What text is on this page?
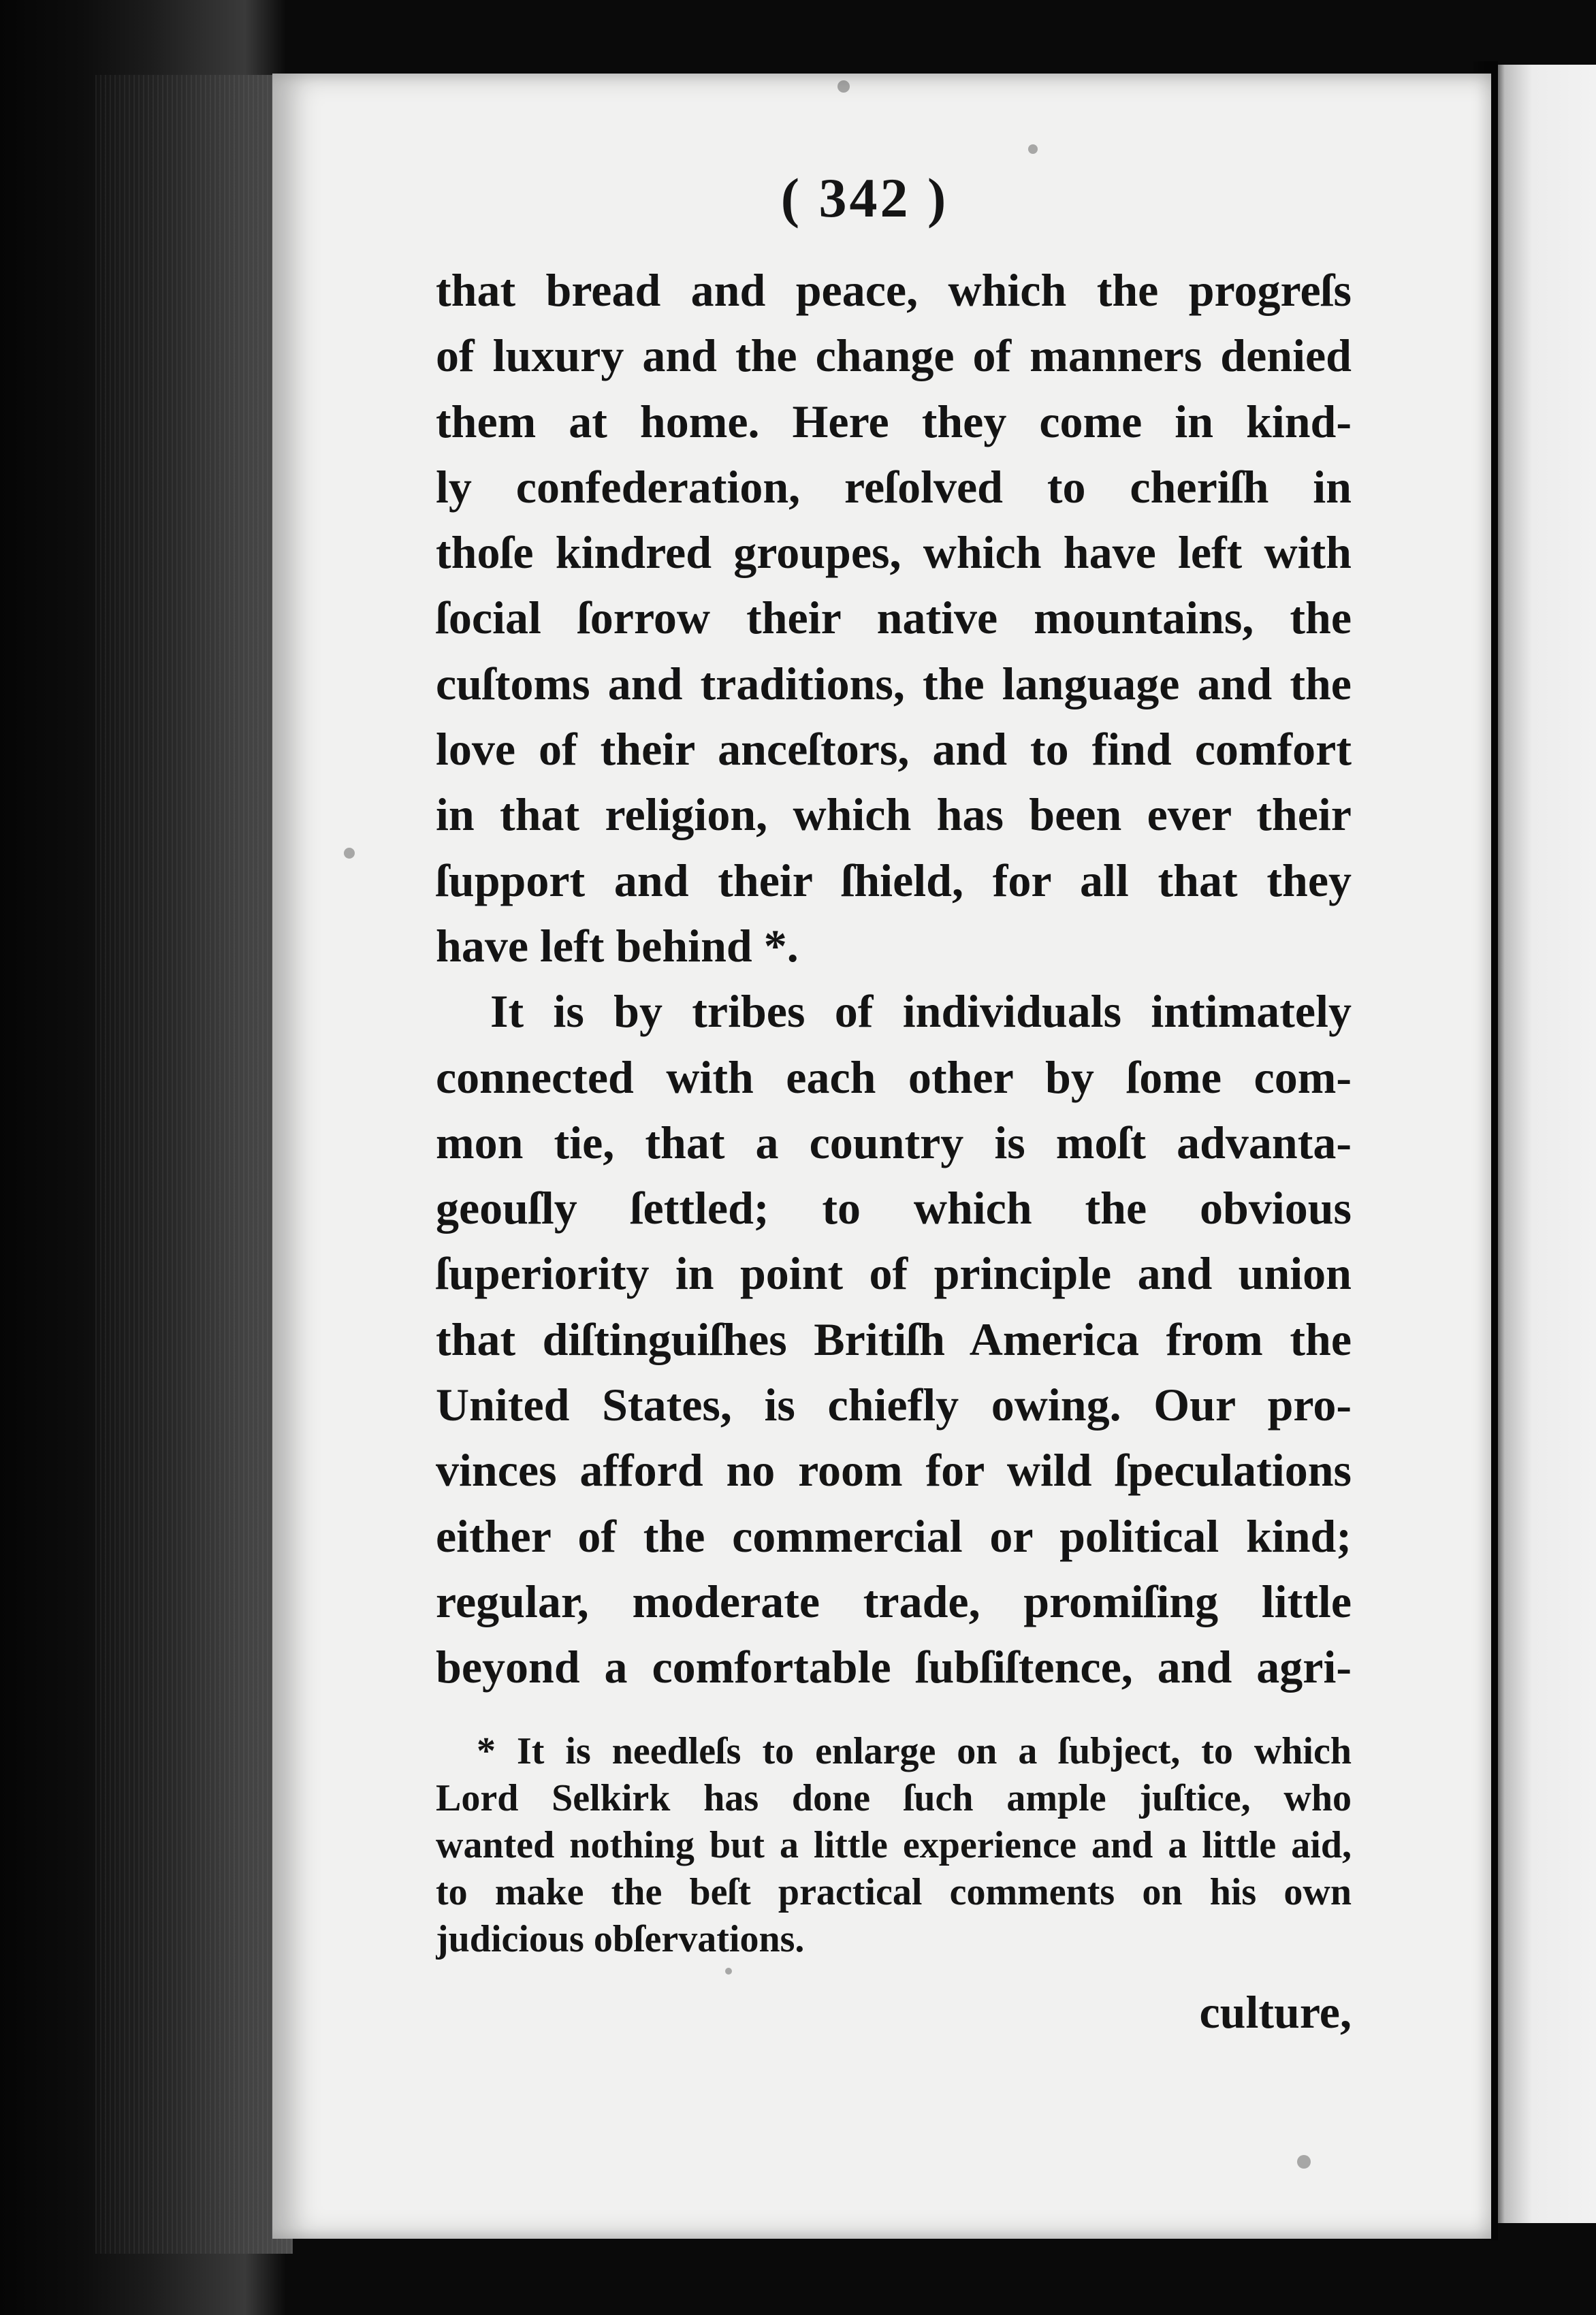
( 342 )
that bread and peace, which the progreſs
of luxury and the change of manners denied
them at home. Here they come in kind-
ly confederation, reſolved to cheriſh in
thoſe kindred groupes, which have left with
ſocial ſorrow their native mountains, the
cuſtoms and traditions, the language and the
love of their anceſtors, and to find comfort
in that religion, which has been ever their
ſupport and their ſhield, for all that they
have left behind *.
It is by tribes of individuals intimately
connected with each other by ſome com-
mon tie, that a country is moſt advanta-
geouſly ſettled; to which the obvious
ſuperiority in point of principle and union
that diſtinguiſhes Britiſh America from the
United States, is chiefly owing. Our pro-
vinces afford no room for wild ſpeculations
either of the commercial or political kind;
regular, moderate trade, promiſing little
beyond a comfortable ſubſiſtence, and agri-
* It is needleſs to enlarge on a ſubject, to which
Lord Selkirk has done ſuch ample juſtice, who
wanted nothing but a little experience and a little aid,
to make the beſt practical comments on his own
judicious obſervations.
culture,
